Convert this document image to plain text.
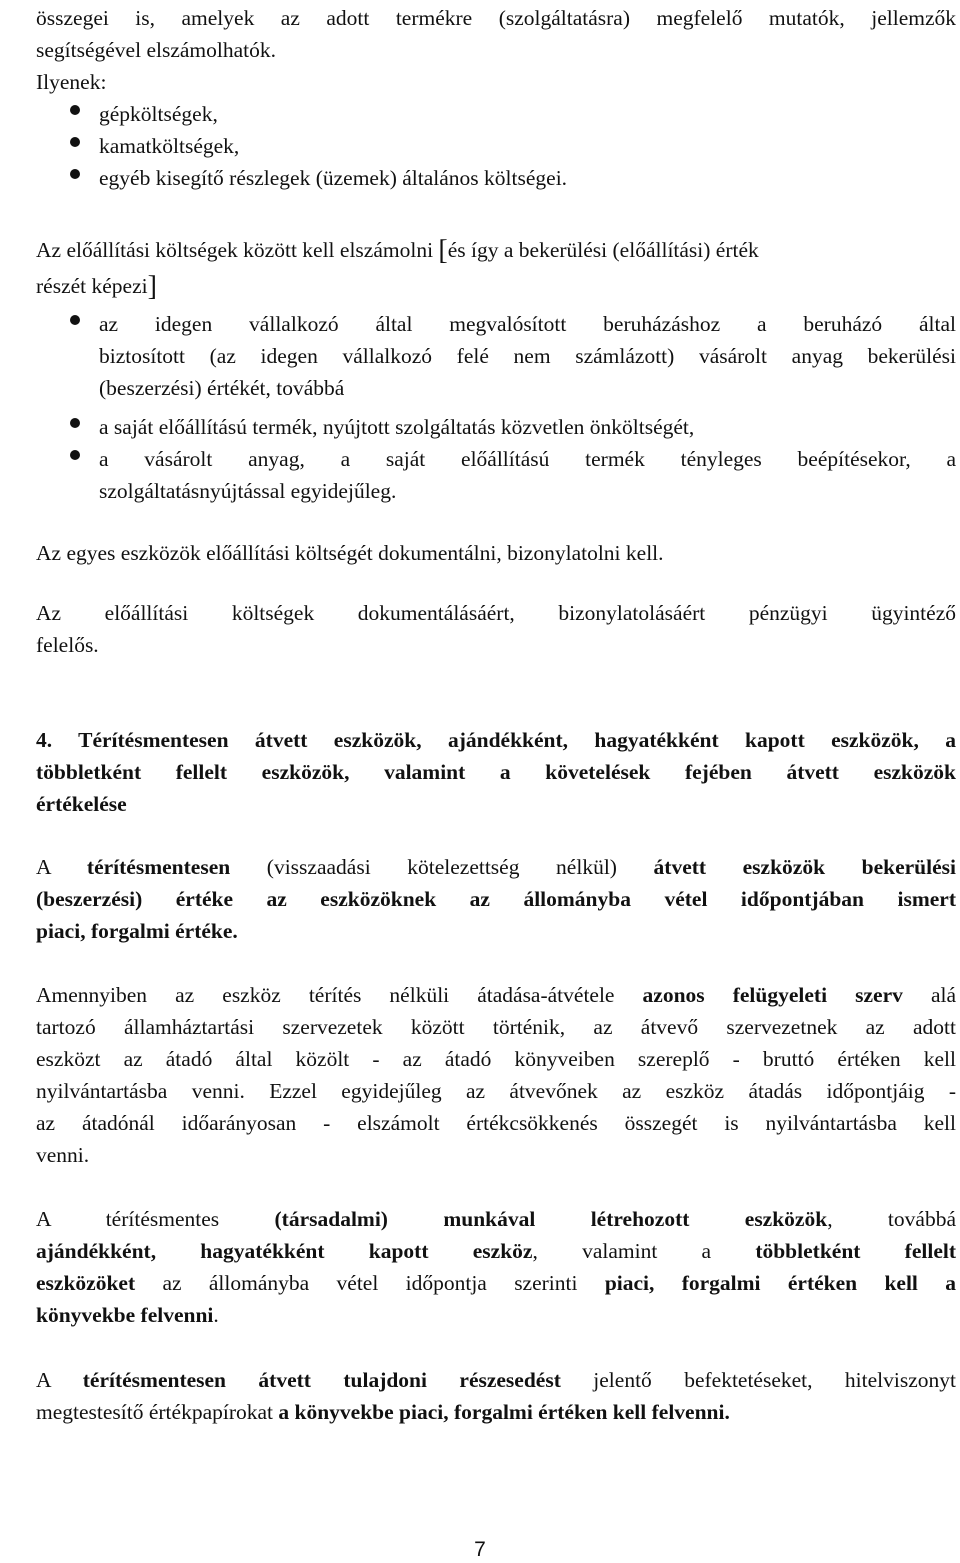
összegei is, amelyek az adott termékre (szolgáltatásra) megfelelő mutatók, jellemzők

segítségével elszámolhatók.

Ilyenek:

gépköltségek,

kamatköltségek,

egyéb kisegítő részlegek (üzemek) általános költségei.

Az előállítási költségek között kell elszámolni [és így a bekerülési (előállítási) érték

részét képezi]

az idegen vállalkozó által megvalósított beruházáshoz a beruházó által

biztosított (az idegen vállalkozó felé nem számlázott) vásárolt anyag bekerülési

(beszerzési) értékét, továbbá

a saját előállítású termék, nyújtott szolgáltatás közvetlen önköltségét,

a vásárolt anyag, a saját előállítású termék tényleges beépítésekor, a

szolgáltatásnyújtással egyidejűleg.

Az egyes eszközök előállítási költségét dokumentálni, bizonylatolni kell.

Az előállítási költségek dokumentálásáért, bizonylatolásáért pénzügyi ügyintéző

felelős.

4. Térítésmentesen átvett eszközök, ajándékként, hagyatékként kapott eszközök, a

többletként fellelt eszközök, valamint a követelések fejében átvett eszközök

értékelése

A térítésmentesen (visszaadási kötelezettség nélkül) átvett eszközök bekerülési

(beszerzési) értéke az eszközöknek az állományba vétel időpontjában ismert

piaci, forgalmi értéke.

Amennyiben az eszköz térítés nélküli átadása-átvétele azonos felügyeleti szerv alá

tartozó államháztartási szervezetek között történik, az átvevő szervezetnek az adott

eszközt az átadó által közölt - az átadó könyveiben szereplő - bruttó értéken kell

nyilvántartásba venni. Ezzel egyidejűleg az átvevőnek az eszköz átadás időpontjáig -

az átadónál időarányosan - elszámolt értékcsökkenés összegét is nyilvántartásba kell

venni.

A térítésmentes (társadalmi) munkával létrehozott eszközök, továbbá

ajándékként, hagyatékként kapott eszköz, valamint a többletként fellelt

eszközöket az állományba vétel időpontja szerinti piaci, forgalmi értéken kell a

könyvekbe felvenni.

A térítésmentesen átvett tulajdoni részesedést jelentő befektetéseket, hitelviszonyt

megtestesítő értékpapírokat a könyvekbe piaci, forgalmi értéken kell felvenni.

7
